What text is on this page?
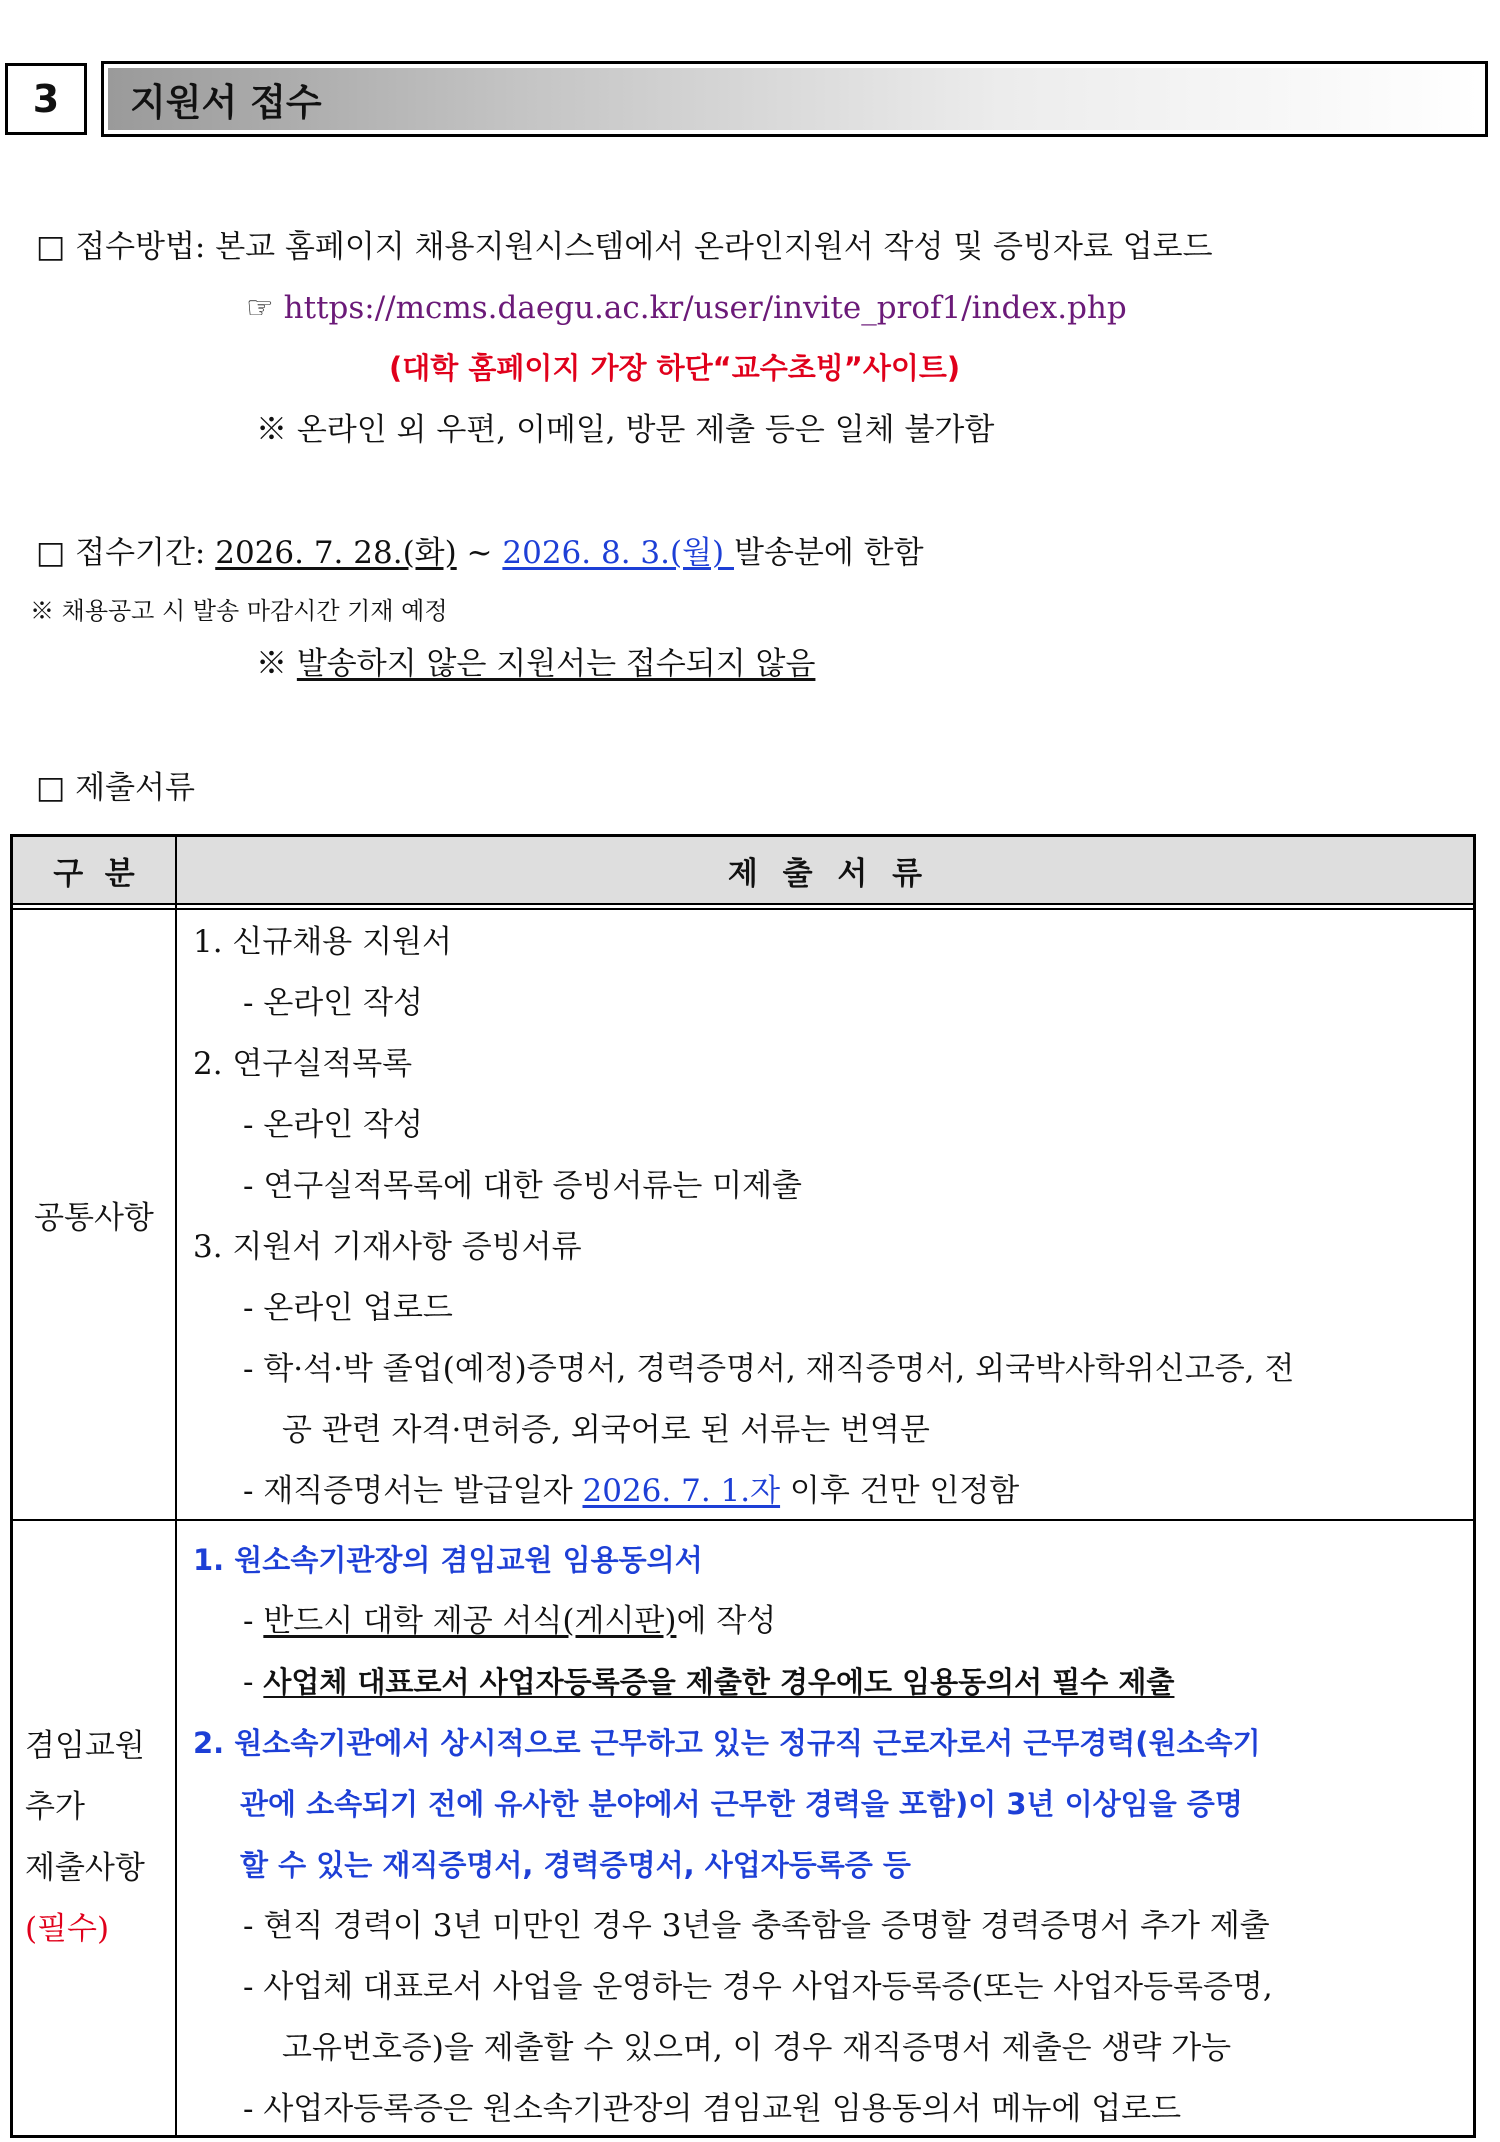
3	지원서 접수
□ 접수방법: 본교 홈페이지 채용지원시스템에서 온라인지원서 작성 및 증빙자료 업로드
☞ https://mcms.daegu.ac.kr/user/invite_prof1/index.php
(대학 홈페이지 가장 하단“교수초빙”사이트)
※ 온라인 외 우편, 이메일, 방문 제출 등은 일체 불가함
□ 접수기간: 2026. 7. 28.(화) ~ 2026. 8. 3.(월) 발송분에 한함
※ 채용공고 시 발송 마감시간 기재 예정
※ 발송하지 않은 지원서는 접수되지 않음
□ 제출서류
구  분	제 출 서 류
공통사항
1. 신규채용 지원서
- 온라인 작성
2. 연구실적목록
- 온라인 작성
- 연구실적목록에 대한 증빙서류는 미제출
3. 지원서 기재사항 증빙서류
- 온라인 업로드
- 학·석·박 졸업(예정)증명서, 경력증명서, 재직증명서, 외국박사학위신고증, 전
공 관련 자격·면허증, 외국어로 된 서류는 번역문
- 재직증명서는 발급일자 2026. 7. 1.자 이후 건만 인정함
겸임교원
추가
제출사항
(필수)
1. 원소속기관장의 겸임교원 임용동의서
- 반드시 대학 제공 서식(게시판)에 작성
- 사업체 대표로서 사업자등록증을 제출한 경우에도 임용동의서 필수 제출
2. 원소속기관에서 상시적으로 근무하고 있는 정규직 근로자로서 근무경력(원소속기
관에 소속되기 전에 유사한 분야에서 근무한 경력을 포함)이 3년 이상임을 증명
할 수 있는 재직증명서, 경력증명서, 사업자등록증 등
- 현직 경력이 3년 미만인 경우 3년을 충족함을 증명할 경력증명서 추가 제출
- 사업체 대표로서 사업을 운영하는 경우 사업자등록증(또는 사업자등록증명,
고유번호증)을 제출할 수 있으며, 이 경우 재직증명서 제출은 생략 가능
- 사업자등록증은 원소속기관장의 겸임교원 임용동의서 메뉴에 업로드
